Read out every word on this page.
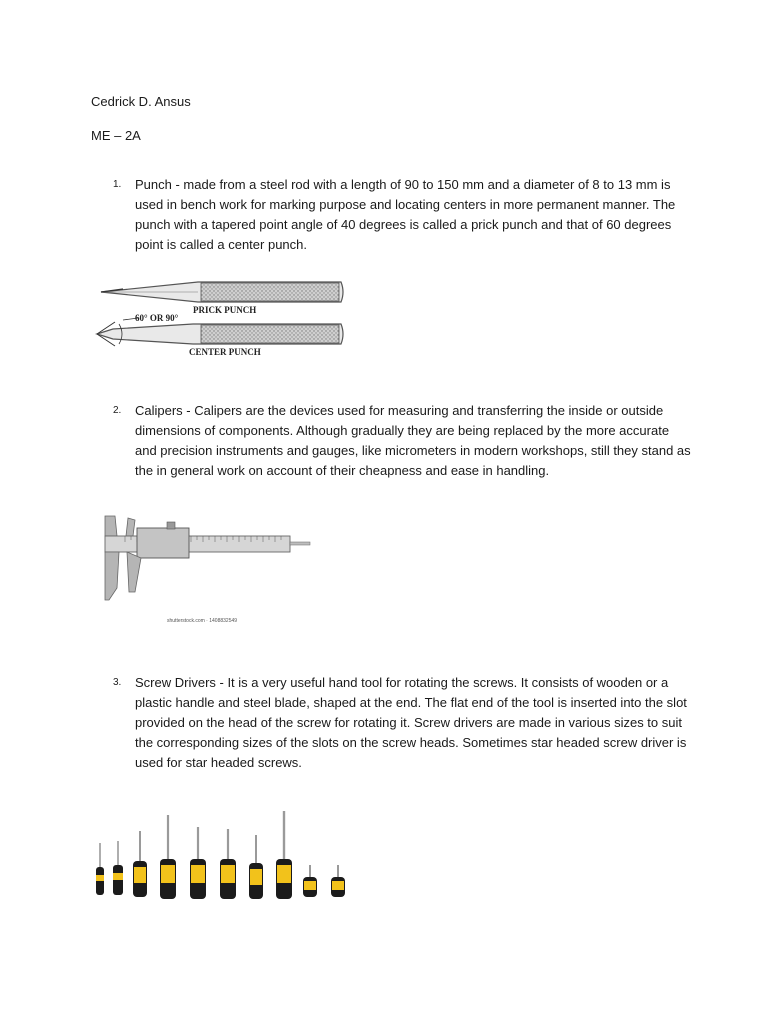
Cedrick D. Ansus
ME – 2A
1. Punch - made from a steel rod with a length of 90 to 150 mm and a diameter of 8 to 13 mm is
used in bench work for marking purpose and locating centers in more permanent manner. The
punch with a tapered point angle of 40 degrees is called a prick punch and that of 60 degrees
point is called a center punch.
PRICK PUNCH
60° OR 90°
CENTER PUNCH
2. Calipers - Calipers are the devices used for measuring and transferring the inside or outside
dimensions of components. Although gradually they are being replaced by the more accurate
and precision instruments and gauges, like micrometers in modern workshops, still they stand as
the in general work on account of their cheapness and ease in handling.
shutterstock.com · 1408832549
3. Screw Drivers - It is a very useful hand tool for rotating the screws. It consists of wooden or a
plastic handle and steel blade, shaped at the end. The flat end of the tool is inserted into the slot
provided on the head of the screw for rotating it. Screw drivers are made in various sizes to suit
the corresponding sizes of the slots on the screw heads. Sometimes star headed screw driver is
used for star headed screws.
